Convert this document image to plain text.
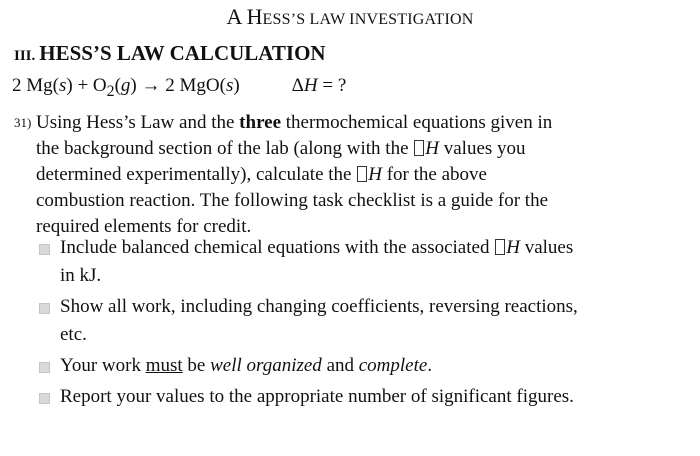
A HESS’S LAW INVESTIGATION
III. HESS’S LAW CALCULATION
2 $Mg(s) + O_2(g) \to 2$ MgO(s)	ΔH = ?
31) Using Hess’s Law and the three thermochemical equations given in
the background section of the lab (along with the H values you
determined experimentally), calculate the H for the above
combustion reaction. The following task checklist is a guide for the
required elements for credit.
Include balanced chemical equations with the associated H values
in kJ.
Show all work, including changing coefficients, reversing reactions,
etc.
Your work must be well organized and complete.
Report your values to the appropriate number of significant figures.
